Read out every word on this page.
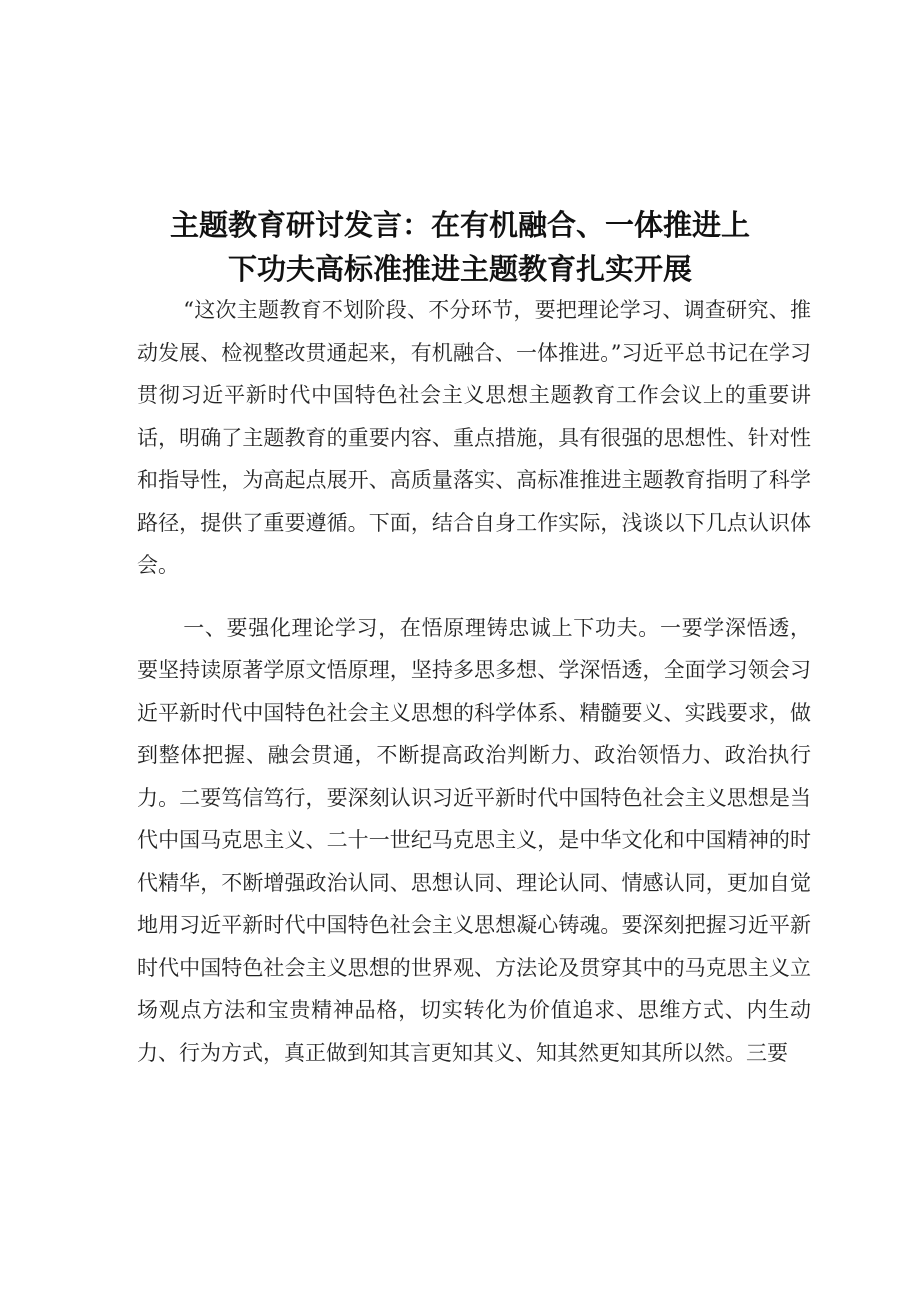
主题教育研讨发言：在有机融合、一体推进上
下功夫高标准推进主题教育扎实开展

“这次主题教育不划阶段、不分环节，要把理论学习、调查研究、推动发展、检视整改贯通起来，有机融合、一体推进。”习近平总书记在学习贯彻习近平新时代中国特色社会主义思想主题教育工作会议上的重要讲话，明确了主题教育的重要内容、重点措施，具有很强的思想性、针对性和指导性，为高起点展开、高质量落实、高标准推进主题教育指明了科学路径，提供了重要遵循。下面，结合自身工作实际，浅谈以下几点认识体会。

一、要强化理论学习，在悟原理铸忠诚上下功夫。一要学深悟透，要坚持读原著学原文悟原理，坚持多思多想、学深悟透，全面学习领会习近平新时代中国特色社会主义思想的科学体系、精髓要义、实践要求，做到整体把握、融会贯通，不断提高政治判断力、政治领悟力、政治执行力。二要笃信笃行，要深刻认识习近平新时代中国特色社会主义思想是当代中国马克思主义、二十一世纪马克思主义，是中华文化和中国精神的时代精华，不断增强政治认同、思想认同、理论认同、情感认同，更加自觉地用习近平新时代中国特色社会主义思想凝心铸魂。要深刻把握习近平新时代中国特色社会主义思想的世界观、方法论及贯穿其中的马克思主义立场观点方法和宝贵精神品格，切实转化为价值追求、思维方式、内生动力、行为方式，真正做到知其言更知其义、知其然更知其所以然。三要
